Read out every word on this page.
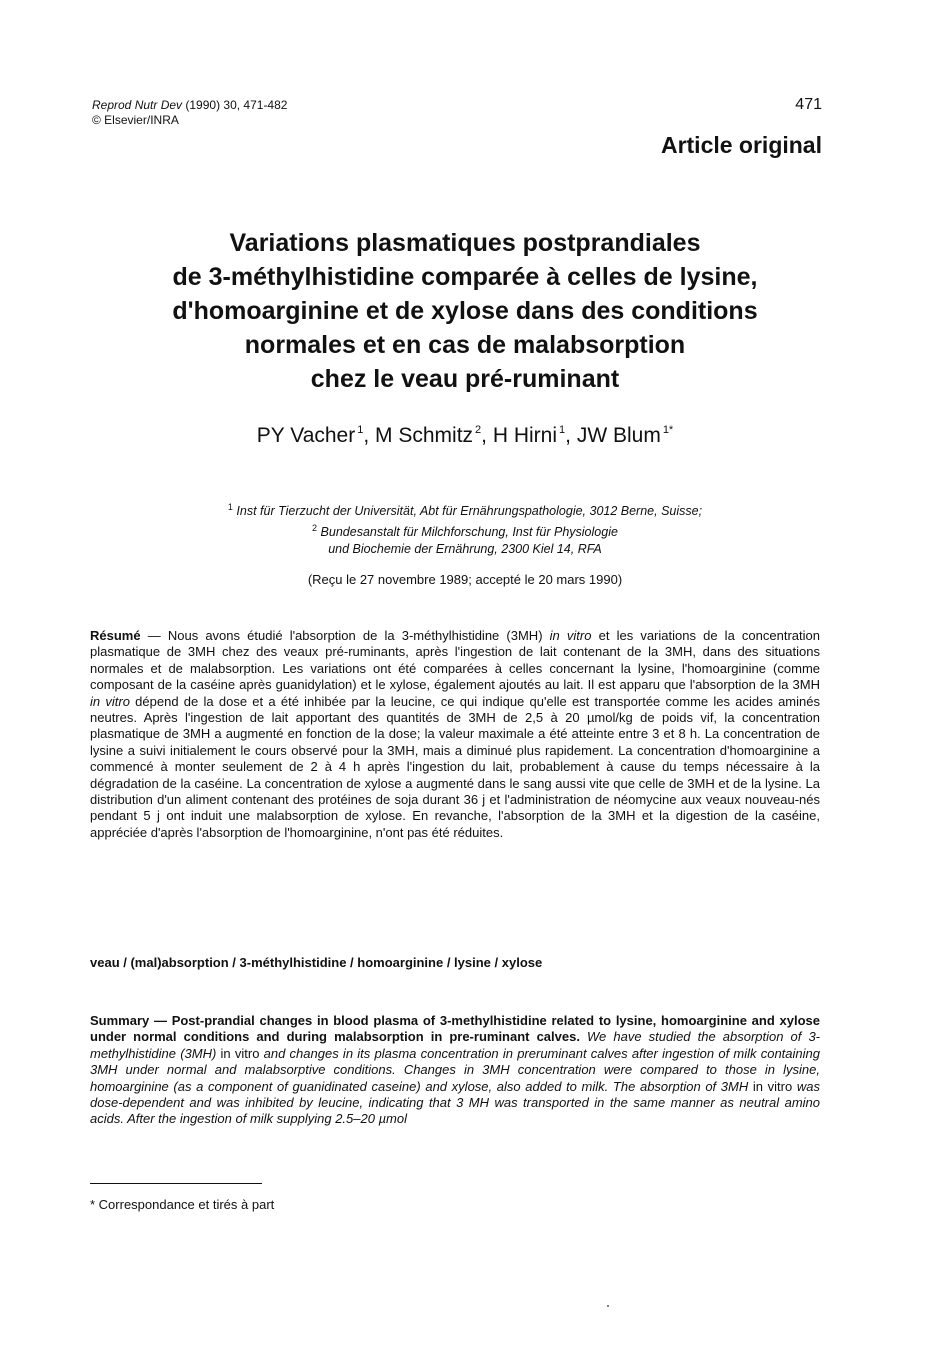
Reprod Nutr Dev (1990) 30, 471-482
© Elsevier/INRA
471
Article original
Variations plasmatiques postprandiales
de 3-méthylhistidine comparée à celles de lysine,
d'homoarginine et de xylose dans des conditions
normales et en cas de malabsorption
chez le veau pré-ruminant
PY Vacher $^1$, M Schmitz $^2$, H Hirni $^1$, JW Blum $^{1*}$
$^1$ Inst für Tierzucht der Universität, Abt für Ernährungspathologie, 3012 Berne, Suisse;
$^2$ Bundesanstalt für Milchforschung, Inst für Physiologie
und Biochemie der Ernährung, 2300 Kiel 14, RFA
(Reçu le 27 novembre 1989; accepté le 20 mars 1990)
Résumé — Nous avons étudié l'absorption de la 3-méthylhistidine (3MH) in vitro et les variations de la concentration plasmatique de 3MH chez des veaux pré-ruminants, après l'ingestion de lait contenant de la 3MH, dans des situations normales et de malabsorption. Les variations ont été comparées à celles concernant la lysine, l'homoarginine (comme composant de la caséine après guanidylation) et le xylose, également ajoutés au lait. Il est apparu que l'absorption de la 3MH in vitro dépend de la dose et a été inhibée par la leucine, ce qui indique qu'elle est transportée comme les acides aminés neutres. Après l'ingestion de lait apportant des quantités de 3MH de 2,5 à 20 µmol/kg de poids vif, la concentration plasmatique de 3MH a augmenté en fonction de la dose; la valeur maximale a été atteinte entre 3 et 8 h. La concentration de lysine a suivi initialement le cours observé pour la 3MH, mais a diminué plus rapidement. La concentration d'homoarginine a commencé à monter seulement de 2 à 4 h après l'ingestion du lait, probablement à cause du temps nécessaire à la dégradation de la caséine. La concentration de xylose a augmenté dans le sang aussi vite que celle de 3MH et de la lysine. La distribution d'un aliment contenant des protéines de soja durant 36 j et l'administration de néomycine aux veaux nouveau-nés pendant 5 j ont induit une malabsorption de xylose. En revanche, l'absorption de la 3MH et la digestion de la caséine, appréciée d'après l'absorption de l'homoarginine, n'ont pas été réduites.
veau / (mal)absorption / 3-méthylhistidine / homoarginine / lysine / xylose
Summary — Post-prandial changes in blood plasma of 3-methylhistidine related to lysine, homoarginine and xylose under normal conditions and during malabsorption in pre-ruminant calves. We have studied the absorption of 3-methylhistidine (3MH) in vitro and changes in its plasma concentration in preruminant calves after ingestion of milk containing 3MH under normal and malabsorptive conditions. Changes in 3MH concentration were compared to those in lysine, homoarginine (as a component of guanidinated caseine) and xylose, also added to milk. The absorption of 3MH in vitro was dose-dependent and was inhibited by leucine, indicating that 3 MH was transported in the same manner as neutral amino acids. After the ingestion of milk supplying 2.5–20 µmol
* Correspondance et tirés à part
